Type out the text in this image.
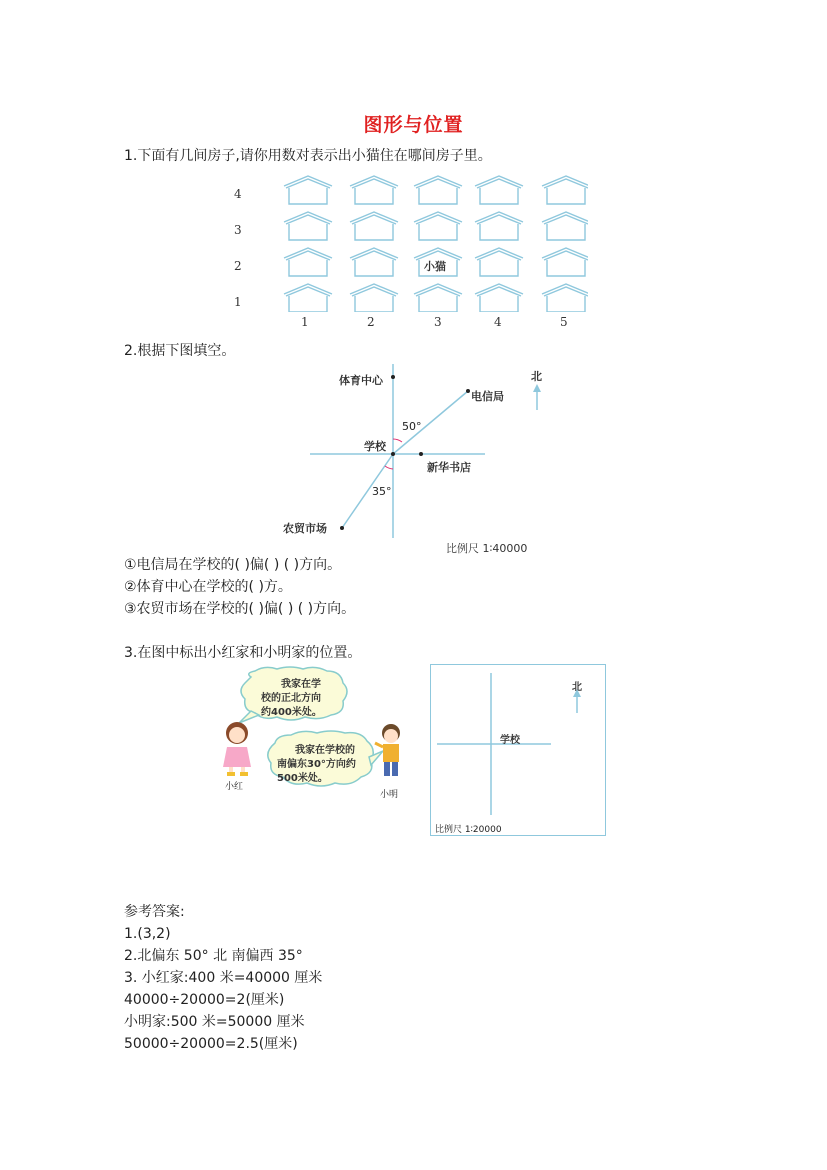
图形与位置
1.下面有几间房子,请你用数对表示出小猫住在哪间房子里。
4
3
2
1
小猫
1	2	3	4	5
2.根据下图填空。
体育中心
电信局
北
50°
学校
新华书店
35°
农贸市场
比例尺 1∶40000
①电信局在学校的( )偏( ) ( )方向。
②体育中心在学校的( )方。
③农贸市场在学校的( )偏( ) ( )方向。
3.在图中标出小红家和小明家的位置。
我家在学
校的正北方向
约400米处。
我家在学校的
南偏东30°方向约
500米处。
小红
小明
北
学校
比例尺 1∶20000
参考答案:
1.(3,2)
2.北偏东 50° 北 南偏西 35°
3. 小红家:400 米=40000 厘米
40000÷20000=2(厘米)
小明家:500 米=50000 厘米
50000÷20000=2.5(厘米)
